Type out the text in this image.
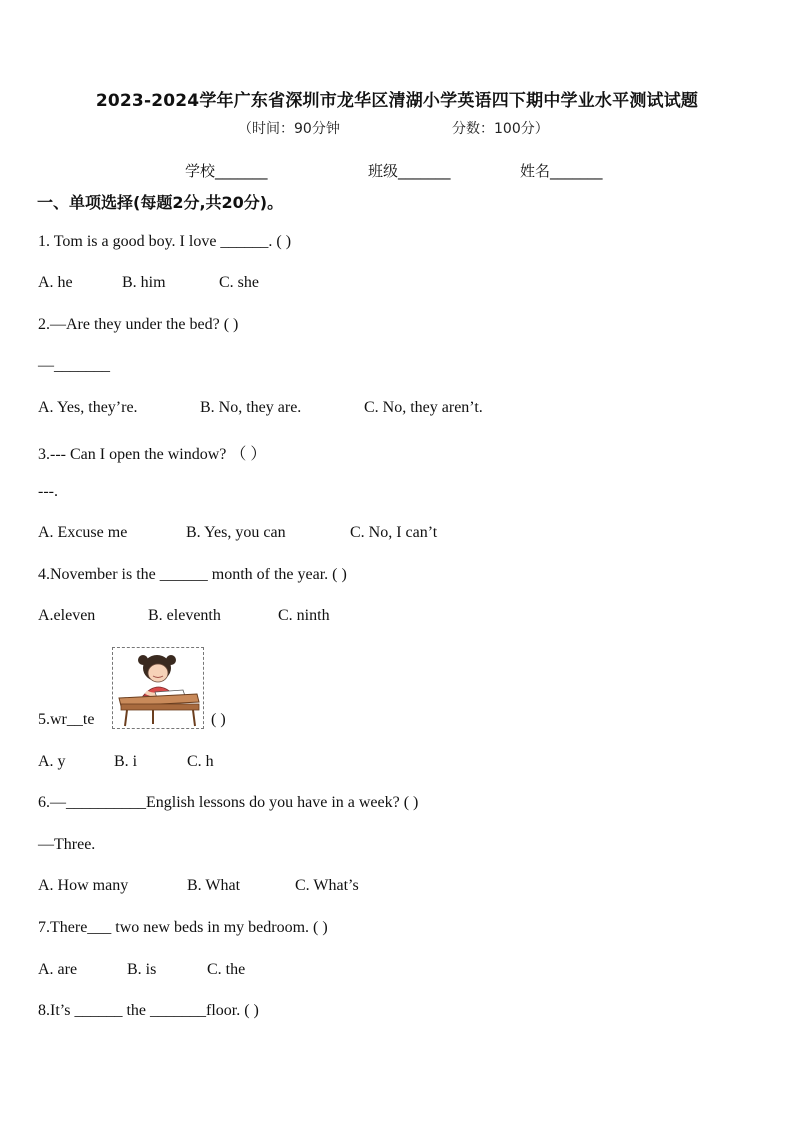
2023-2024学年广东省深圳市龙华区清湖小学英语四下期中学业水平测试试题
（时间：90分钟	分数：100分）
学校_______	班级_______	姓名_______
一、单项选择(每题2分,共20分)。
1. Tom is a good boy. I love ______. ( )
A. he	B. him	C. she
2.—Are they under the bed? ( )
—_______
A. Yes, they’re.	B. No, they are.	C. No, they aren’t.
3.--- Can I open the window? （ ）
---.
A. Excuse me	B. Yes, you can	C. No, I can’t
4.November is the ______ month of the year. ( )
A.eleven	B. eleventh	C. ninth
5.wr__te	( )
A. y	B. i	C. h
6.—__________English lessons do you have in a week? ( )
—Three.
A. How many	B. What	C. What’s
7.There___ two new beds in my bedroom. ( )
A. are	B. is	C. the
8.It’s ______ the _______floor. ( )
